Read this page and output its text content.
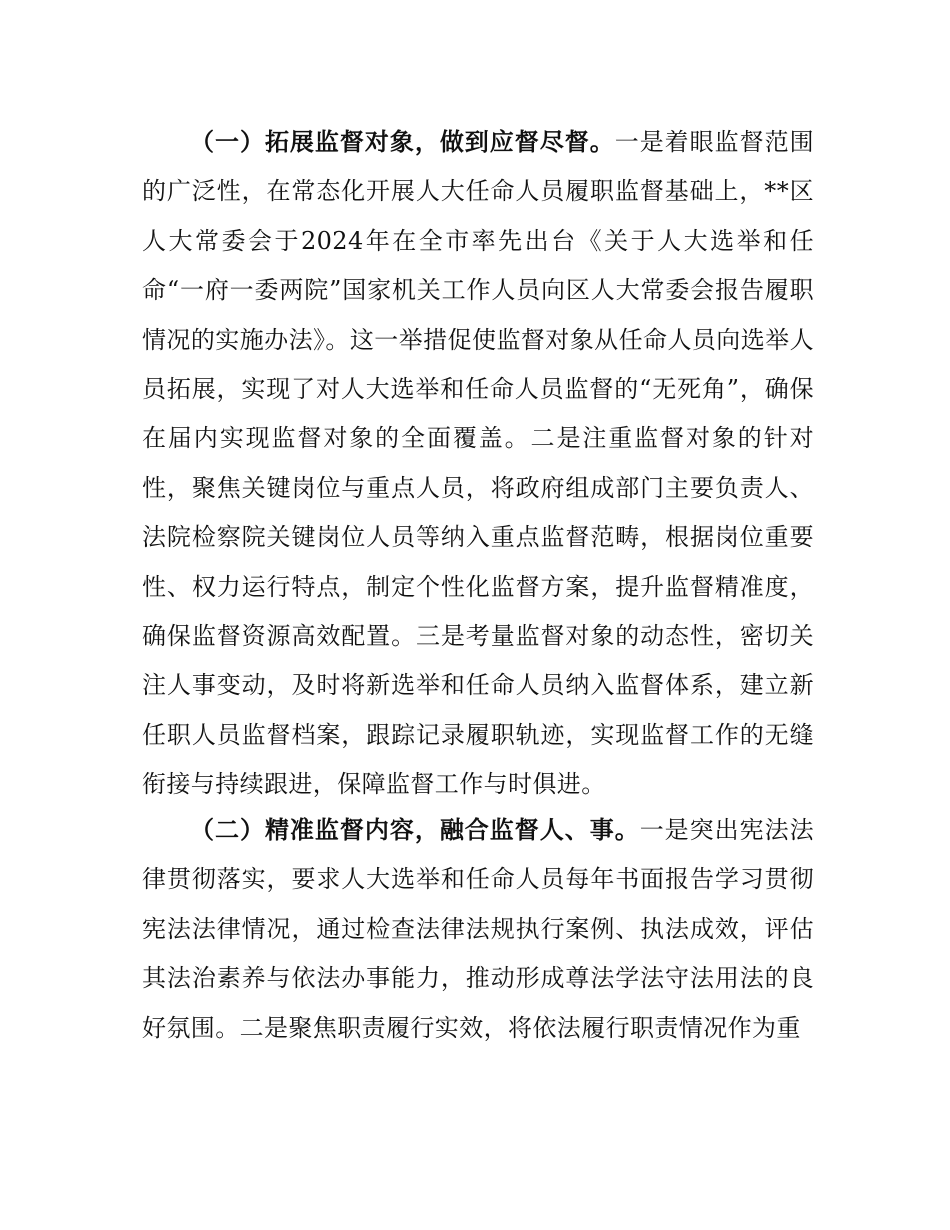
（一）拓展监督对象，做到应督尽督。一是着眼监督范围的广泛性，在常态化开展人大任命人员履职监督基础上，**区人大常委会于2024年在全市率先出台《关于人大选举和任命“一府一委两院”国家机关工作人员向区人大常委会报告履职情况的实施办法》。这一举措促使监督对象从任命人员向选举人员拓展，实现了对人大选举和任命人员监督的“无死角”，确保在届内实现监督对象的全面覆盖。二是注重监督对象的针对性，聚焦关键岗位与重点人员，将政府组成部门主要负责人、法院检察院关键岗位人员等纳入重点监督范畴，根据岗位重要性、权力运行特点，制定个性化监督方案，提升监督精准度，确保监督资源高效配置。三是考量监督对象的动态性，密切关注人事变动，及时将新选举和任命人员纳入监督体系，建立新任职人员监督档案，跟踪记录履职轨迹，实现监督工作的无缝衔接与持续跟进，保障监督工作与时俱进。

（二）精准监督内容，融合监督人、事。一是突出宪法法律贯彻落实，要求人大选举和任命人员每年书面报告学习贯彻宪法法律情况，通过检查法律法规执行案例、执法成效，评估其法治素养与依法办事能力，推动形成尊法学法守法用法的良好氛围。二是聚焦职责履行实效，将依法履行职责情况作为重
